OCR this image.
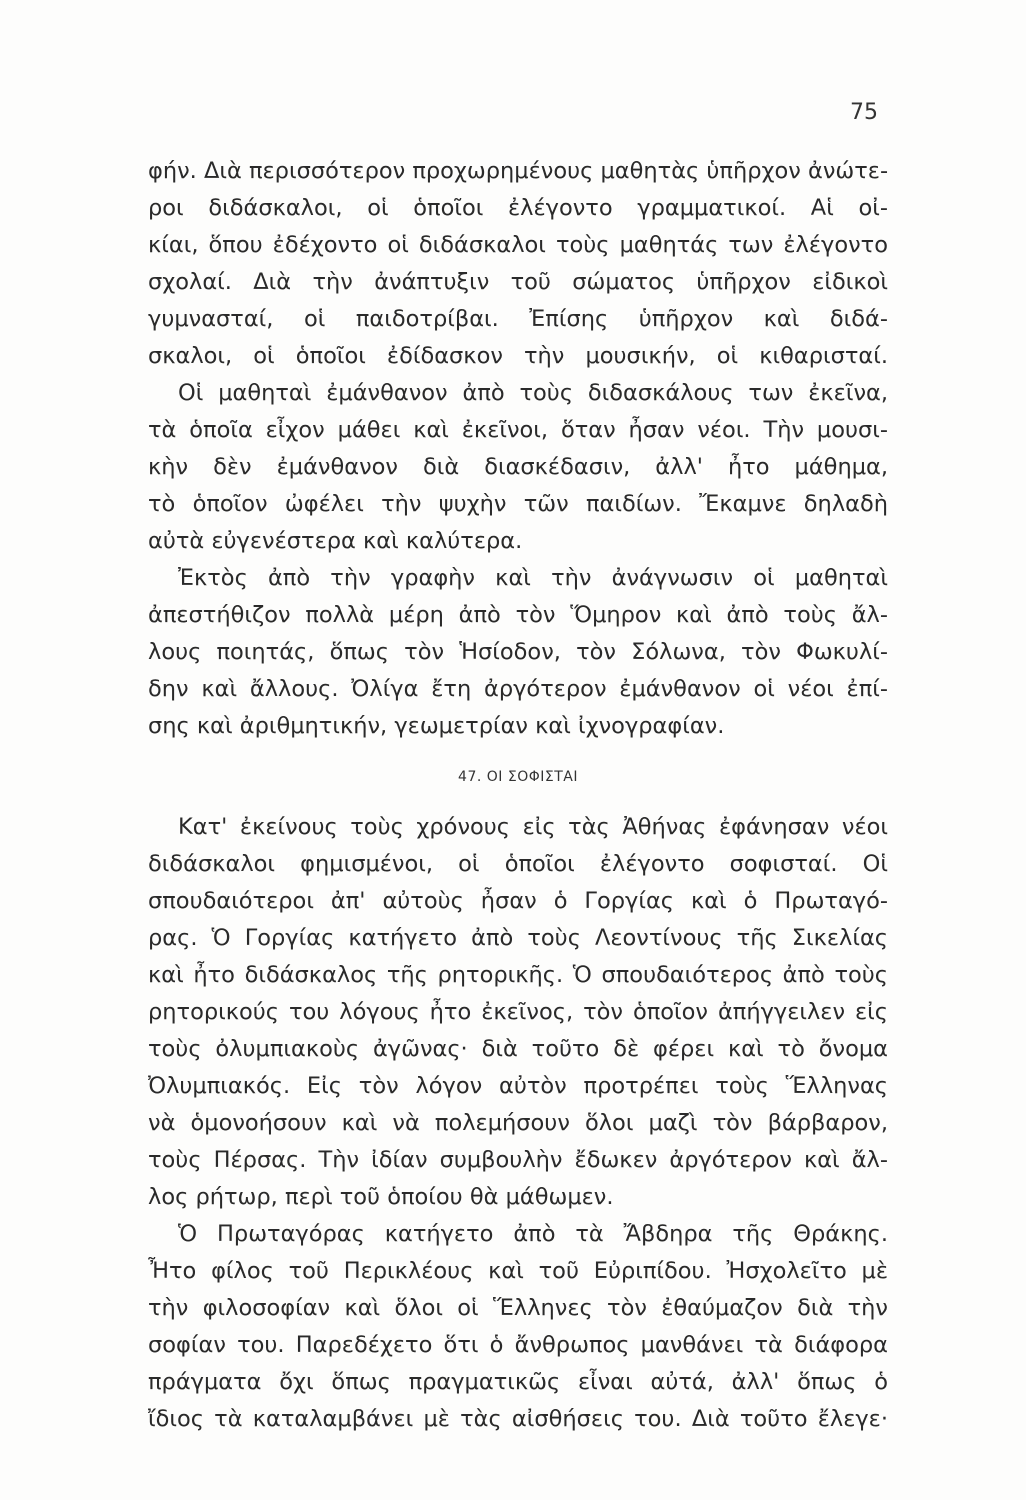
75
φήν. Διὰ περισσότερον προχωρημένους μαθητὰς ὑπῆρχον ἀνώτε-
ροι διδάσκαλοι, οἱ ὁποῖοι ἐλέγοντο γραμματικοί. Αἱ οἰ-
κίαι, ὅπου ἐδέχοντο οἱ διδάσκαλοι τοὺς μαθητάς των ἐλέγοντο
σχολαί. Διὰ τὴν ἀνάπτυξιν τοῦ σώματος ὑπῆρχον εἰδικοὶ
γυμνασταί, οἱ παιδοτρίβαι. Ἐπίσης ὑπῆρχον καὶ διδά-
σκαλοι, οἱ ὁποῖοι ἐδίδασκον τὴν μουσικήν, οἱ κιθαρισταί.
Οἱ μαθηταὶ ἐμάνθανον ἀπὸ τοὺς διδασκάλους των ἐκεῖνα,
τὰ ὁποῖα εἶχον μάθει καὶ ἐκεῖνοι, ὅταν ἦσαν νέοι. Τὴν μουσι-
κὴν δὲν ἐμάνθανον διὰ διασκέδασιν, ἀλλ' ἦτο μάθημα,
τὸ ὁποῖον ὠφέλει τὴν ψυχὴν τῶν παιδίων. Ἔκαμνε δηλαδὴ
αὐτὰ εὐγενέστερα καὶ καλύτερα.
Ἐκτὸς ἀπὸ τὴν γραφὴν καὶ τὴν ἀνάγνωσιν οἱ μαθηταὶ
ἀπεστήθιζον πολλὰ μέρη ἀπὸ τὸν Ὅμηρον καὶ ἀπὸ τοὺς ἄλ-
λους ποιητάς, ὅπως τὸν Ἡσίοδον, τὸν Σόλωνα, τὸν Φωκυλί-
δην καὶ ἄλλους. Ὀλίγα ἔτη ἀργότερον ἐμάνθανον οἱ νέοι ἐπί-
σης καὶ ἀριθμητικήν, γεωμετρίαν καὶ ἰχνογραφίαν.
47. ΟΙ ΣΟΦΙΣΤΑΙ
Κατ' ἐκείνους τοὺς χρόνους εἰς τὰς Ἀθήνας ἐφάνησαν νέοι
διδάσκαλοι φημισμένοι, οἱ ὁποῖοι ἐλέγοντο σοφισταί. Οἱ
σπουδαιότεροι ἀπ' αὐτοὺς ἦσαν ὁ Γοργίας καὶ ὁ Πρωταγό-
ρας. Ὁ Γοργίας κατήγετο ἀπὸ τοὺς Λεοντίνους τῆς Σικελίας
καὶ ἦτο διδάσκαλος τῆς ρητορικῆς. Ὁ σπουδαιότερος ἀπὸ τοὺς
ρητορικούς του λόγους ἦτο ἐκεῖνος, τὸν ὁποῖον ἀπήγγειλεν εἰς
τοὺς ὀλυμπιακοὺς ἀγῶνας· διὰ τοῦτο δὲ φέρει καὶ τὸ ὄνομα
Ὀλυμπιακός. Εἰς τὸν λόγον αὐτὸν προτρέπει τοὺς Ἕλληνας
νὰ ὁμονοήσουν καὶ νὰ πολεμήσουν ὅλοι μαζὶ τὸν βάρβαρον,
τοὺς Πέρσας. Τὴν ἰδίαν συμβουλὴν ἔδωκεν ἀργότερον καὶ ἄλ-
λος ρήτωρ, περὶ τοῦ ὁποίου θὰ μάθωμεν.
Ὁ Πρωταγόρας κατήγετο ἀπὸ τὰ Ἄβδηρα τῆς Θράκης.
Ἦτο φίλος τοῦ Περικλέους καὶ τοῦ Εὐριπίδου. Ἠσχολεῖτο μὲ
τὴν φιλοσοφίαν καὶ ὅλοι οἱ Ἕλληνες τὸν ἐθαύμαζον διὰ τὴν
σοφίαν του. Παρεδέχετο ὅτι ὁ ἄνθρωπος μανθάνει τὰ διάφορα
πράγματα ὄχι ὅπως πραγματικῶς εἶναι αὐτά, ἀλλ' ὅπως ὁ
ἴδιος τὰ καταλαμβάνει μὲ τὰς αἰσθήσεις του. Διὰ τοῦτο ἔλεγε·
